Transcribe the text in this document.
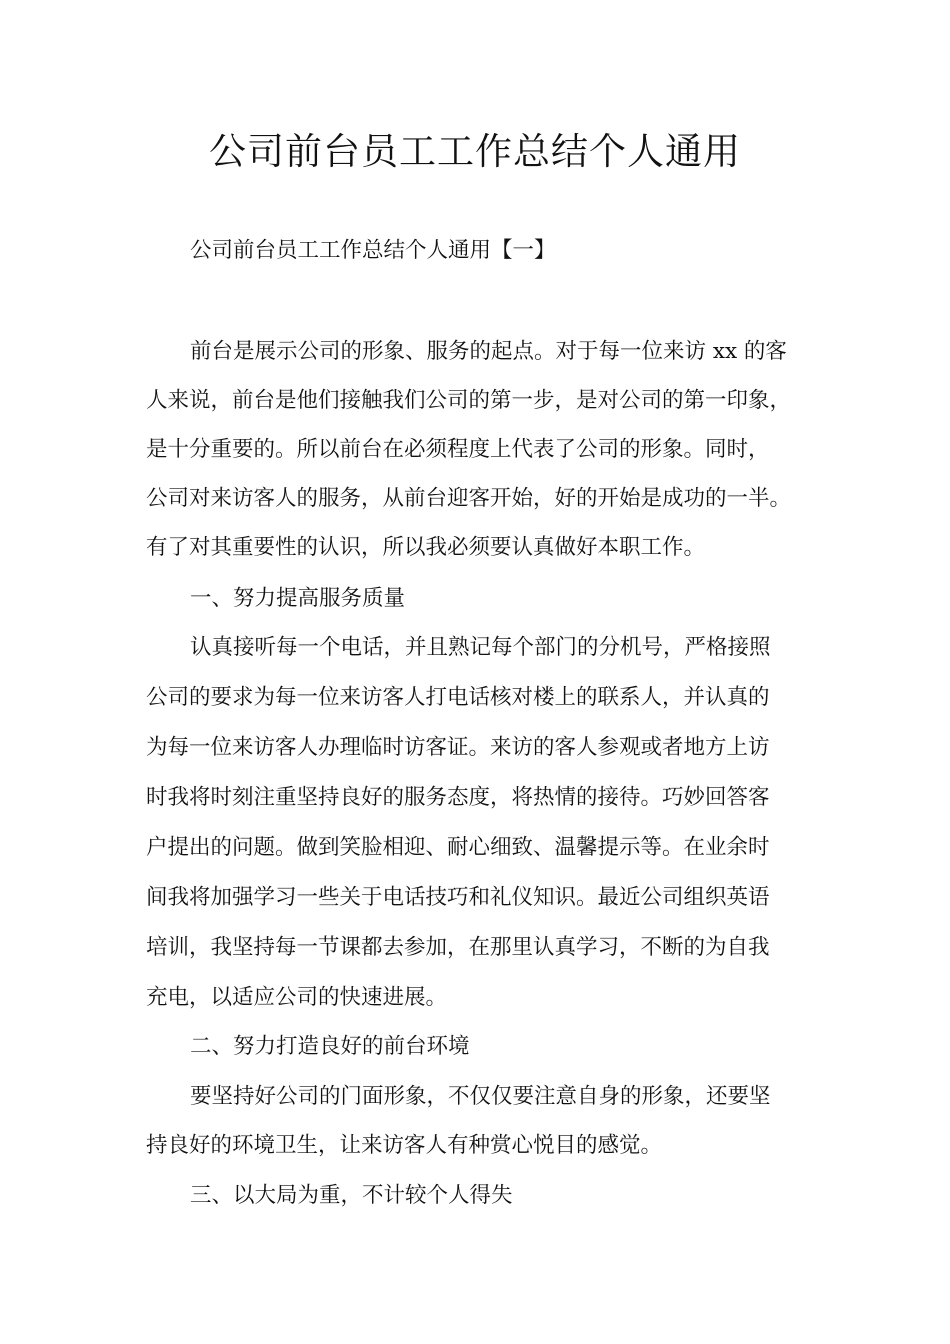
公司前台员工工作总结个人通用

公司前台员工工作总结个人通用【一】

前台是展示公司的形象、服务的起点。对于每一位来访 xx 的客

人来说，前台是他们接触我们公司的第一步，是对公司的第一印象，

是十分重要的。所以前台在必须程度上代表了公司的形象。同时，

公司对来访客人的服务，从前台迎客开始，好的开始是成功的一半。

有了对其重要性的认识，所以我必须要认真做好本职工作。

一、努力提高服务质量

认真接听每一个电话，并且熟记每个部门的分机号，严格接照

公司的要求为每一位来访客人打电话核对楼上的联系人，并认真的

为每一位来访客人办理临时访客证。来访的客人参观或者地方上访

时我将时刻注重坚持良好的服务态度，将热情的接待。巧妙回答客

户提出的问题。做到笑脸相迎、耐心细致、温馨提示等。在业余时

间我将加强学习一些关于电话技巧和礼仪知识。最近公司组织英语

培训，我坚持每一节课都去参加，在那里认真学习，不断的为自我

充电，以适应公司的快速进展。

二、努力打造良好的前台环境

要坚持好公司的门面形象，不仅仅要注意自身的形象，还要坚

持良好的环境卫生，让来访客人有种赏心悦目的感觉。

三、以大局为重，不计较个人得失
